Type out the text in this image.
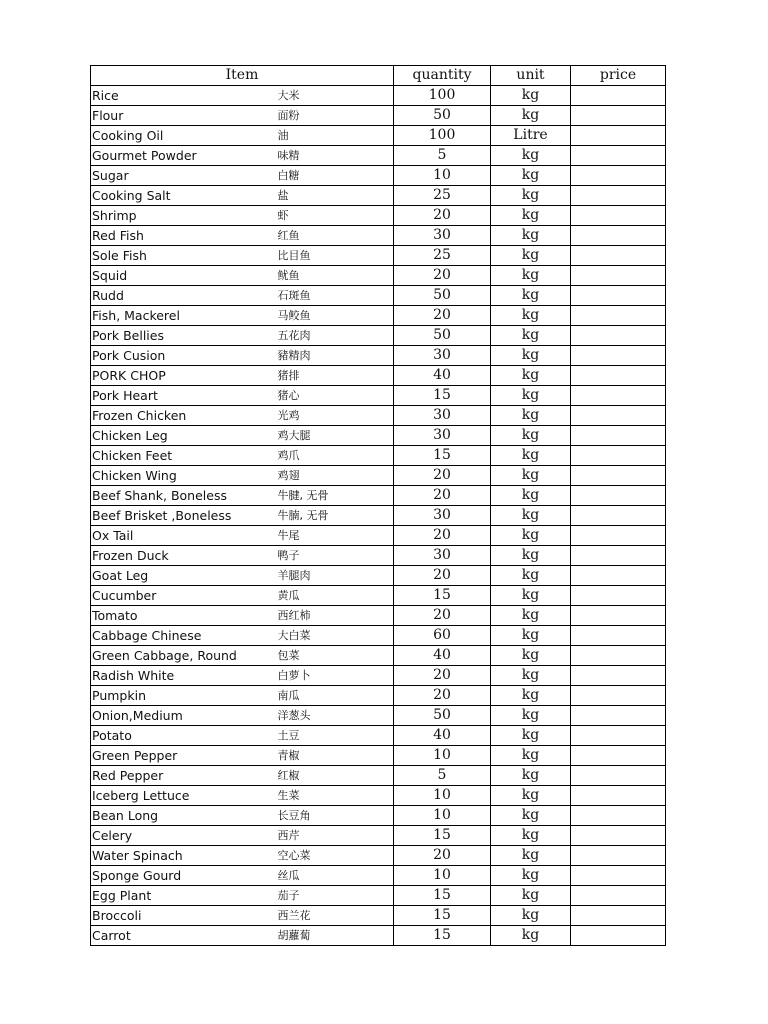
Item		quantity	unit	price
Rice	大米	100	kg	
Flour	面粉	50	kg	
Cooking Oil	油	100	Litre	
Gourmet Powder	味精	5	kg	
Sugar	白糖	10	kg	
Cooking Salt	盐	25	kg	
Shrimp	虾	20	kg	
Red Fish	红鱼	30	kg	
Sole Fish	比目鱼	25	kg	
Squid	鱿鱼	20	kg	
Rudd	石斑鱼	50	kg	
Fish, Mackerel	马鲛鱼	20	kg	
Pork Bellies	五花肉	50	kg	
Pork Cusion	豬精肉	30	kg	
PORK CHOP	猪排	40	kg	
Pork Heart	猪心	15	kg	
Frozen Chicken	光鸡	30	kg	
Chicken Leg	鸡大腿	30	kg	
Chicken Feet	鸡爪	15	kg	
Chicken Wing	鸡翅	20	kg	
Beef Shank, Boneless	牛腱, 无骨	20	kg	
Beef Brisket ,Boneless	牛腩, 无骨	30	kg	
Ox Tail	牛尾	20	kg	
Frozen Duck	鸭子	30	kg	
Goat Leg	羊腿肉	20	kg	
Cucumber	黄瓜	15	kg	
Tomato	西红柿	20	kg	
Cabbage Chinese	大白菜	60	kg	
Green Cabbage, Round	包菜	40	kg	
Radish White	白萝卜	20	kg	
Pumpkin	南瓜	20	kg	
Onion,Medium	洋葱头	50	kg	
Potato	土豆	40	kg	
Green Pepper	青椒	10	kg	
Red Pepper	红椒	5	kg	
Iceberg Lettuce	生菜	10	kg	
Bean Long	长豆角	10	kg	
Celery	西芹	15	kg	
Water Spinach	空心菜	20	kg	
Sponge Gourd	丝瓜	10	kg	
Egg Plant	茄子	15	kg	
Broccoli	西兰花	15	kg	
Carrot	胡蘿蔔	15	kg	
